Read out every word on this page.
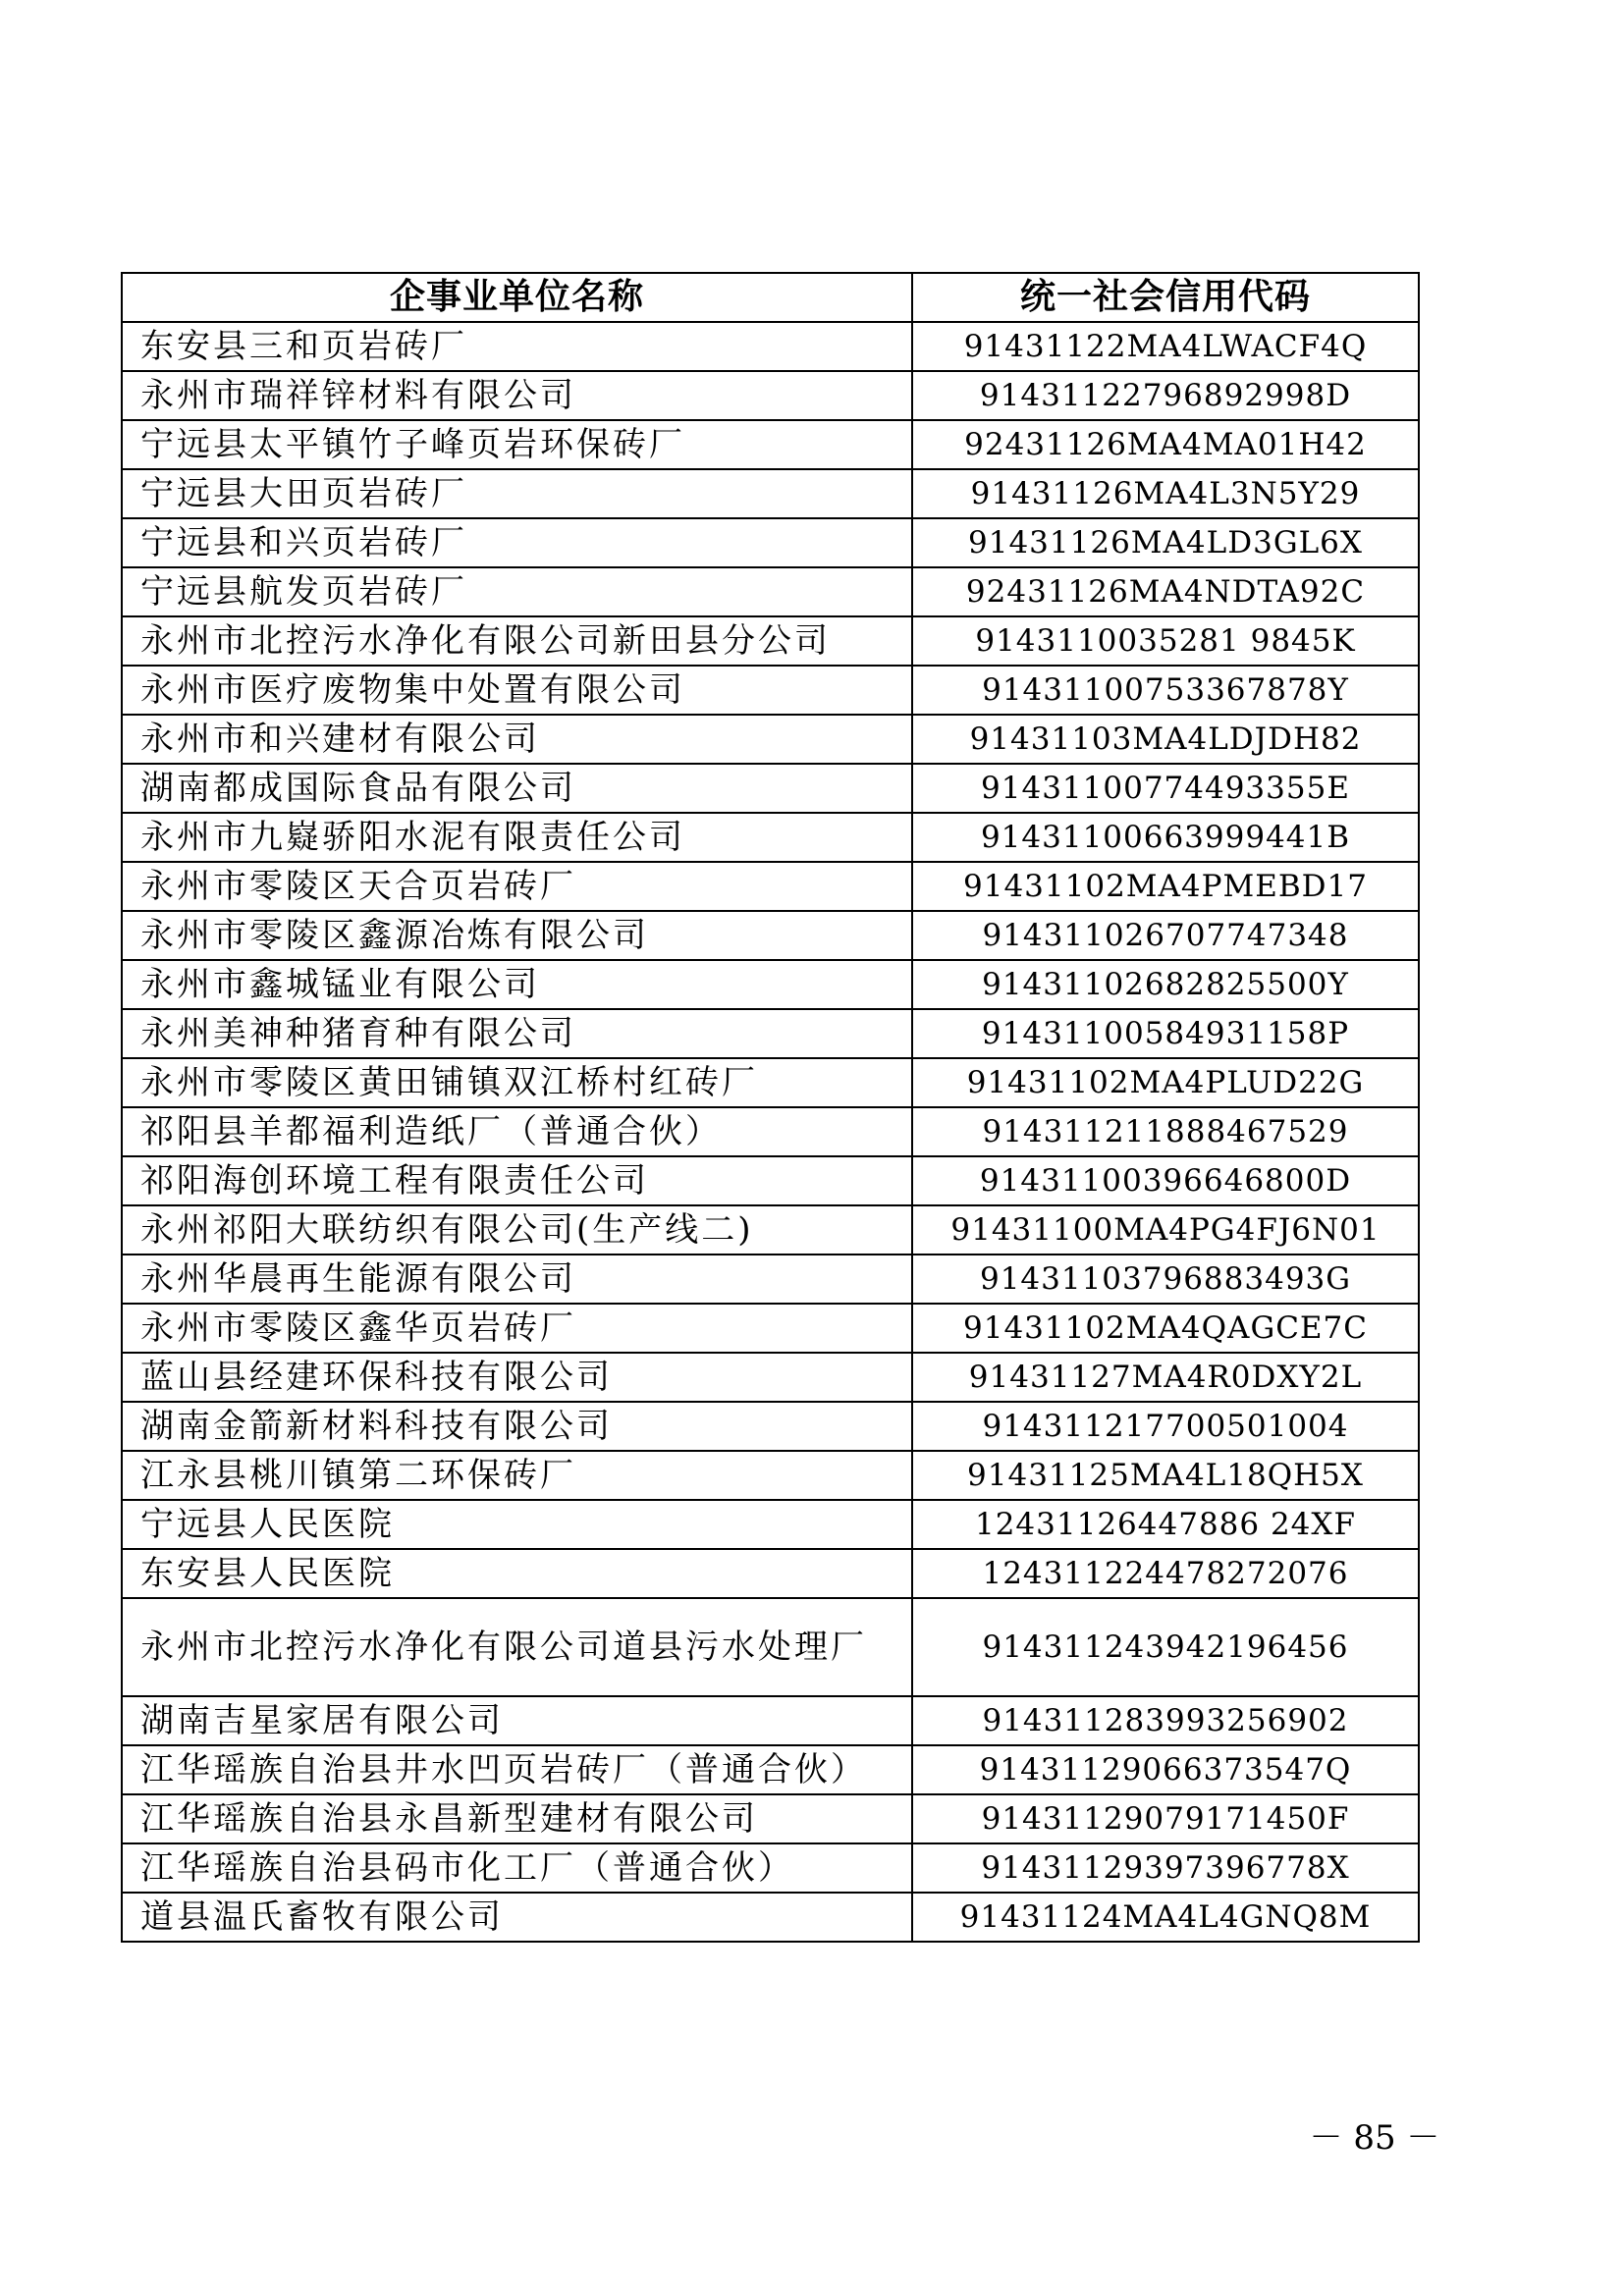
企事业单位名称	统一社会信用代码
东安县三和页岩砖厂	91431122MA4LWACF4Q
永州市瑞祥锌材料有限公司	91431122796892998D
宁远县太平镇竹子峰页岩环保砖厂	92431126MA4MA01H42
宁远县大田页岩砖厂	91431126MA4L3N5Y29
宁远县和兴页岩砖厂	91431126MA4LD3GL6X
宁远县航发页岩砖厂	92431126MA4NDTA92C
永州市北控污水净化有限公司新田县分公司	9143110035281 9845K
永州市医疗废物集中处置有限公司	91431100753367878Y
永州市和兴建材有限公司	91431103MA4LDJDH82
湖南都成国际食品有限公司	91431100774493355E
永州市九嶷骄阳水泥有限责任公司	91431100663999441B
永州市零陵区天合页岩砖厂	91431102MA4PMEBD17
永州市零陵区鑫源冶炼有限公司	914311026707747348
永州市鑫城锰业有限公司	91431102682825500Y
永州美神种猪育种有限公司	91431100584931158P
永州市零陵区黄田铺镇双江桥村红砖厂	91431102MA4PLUD22G
祁阳县羊都福利造纸厂（普通合伙）	914311211888467529
祁阳海创环境工程有限责任公司	91431100396646800D
永州祁阳大联纺织有限公司(生产线二)	91431100MA4PG4FJ6N01
永州华晨再生能源有限公司	91431103796883493G
永州市零陵区鑫华页岩砖厂	91431102MA4QAGCE7C
蓝山县经建环保科技有限公司	91431127MA4R0DXY2L
湖南金箭新材料科技有限公司	914311217700501004
江永县桃川镇第二环保砖厂	91431125MA4L18QH5X
宁远县人民医院	12431126447886 24XF
东安县人民医院	124311224478272076
永州市北控污水净化有限公司道县污水处理厂	914311243942196456
湖南吉星家居有限公司	914311283993256902
江华瑶族自治县井水凹页岩砖厂（普通合伙）	91431129066373547Q
江华瑶族自治县永昌新型建材有限公司	91431129079171450F
江华瑶族自治县码市化工厂（普通合伙）	91431129397396778X
道县温氏畜牧有限公司	91431124MA4L4GNQ8M
－ 85 －
